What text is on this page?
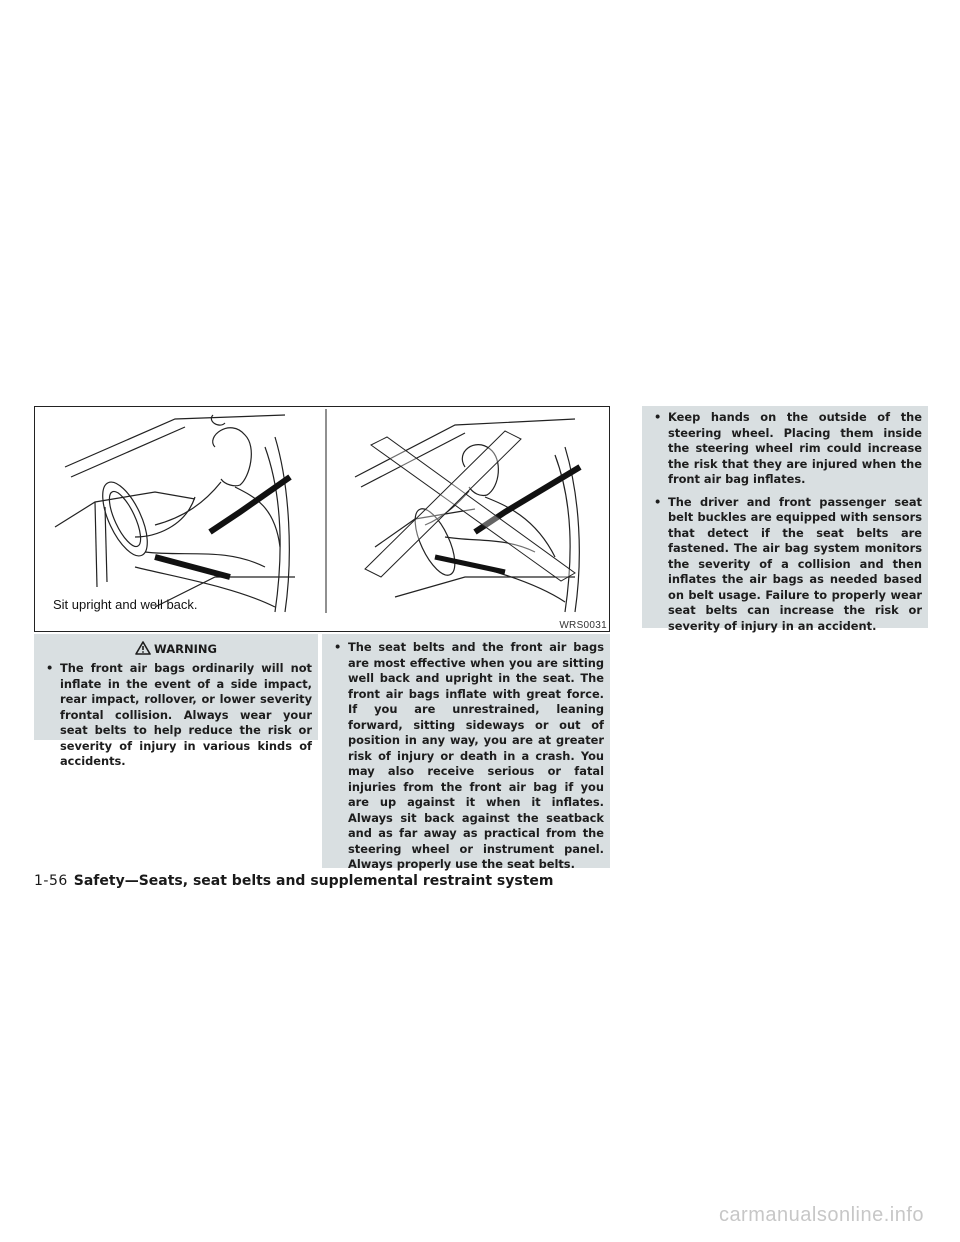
Sit upright and well back.
WRS0031
WARNING

• The front air bags ordinarily will not inflate in the event of a side impact, rear impact, rollover, or lower severity frontal collision. Always wear your seat belts to help reduce the risk or severity of injury in various kinds of accidents.

• The seat belts and the front air bags are most effective when you are sitting well back and upright in the seat. The front air bags inflate with great force. If you are unrestrained, leaning forward, sitting sideways or out of position in any way, you are at greater risk of injury or death in a crash. You may also receive serious or fatal injuries from the front air bag if you are up against it when it inflates. Always sit back against the seatback and as far away as practical from the steering wheel or instrument panel. Always properly use the seat belts.

• Keep hands on the outside of the steering wheel. Placing them inside the steering wheel rim could increase the risk that they are injured when the front air bag inflates.

• The driver and front passenger seat belt buckles are equipped with sensors that detect if the seat belts are fastened. The air bag system monitors the severity of a collision and then inflates the air bags as needed based on belt usage. Failure to properly wear seat belts can increase the risk or severity of injury in an accident.

1-56 Safety—Seats, seat belts and supplemental restraint system
carmanualsonline.info
